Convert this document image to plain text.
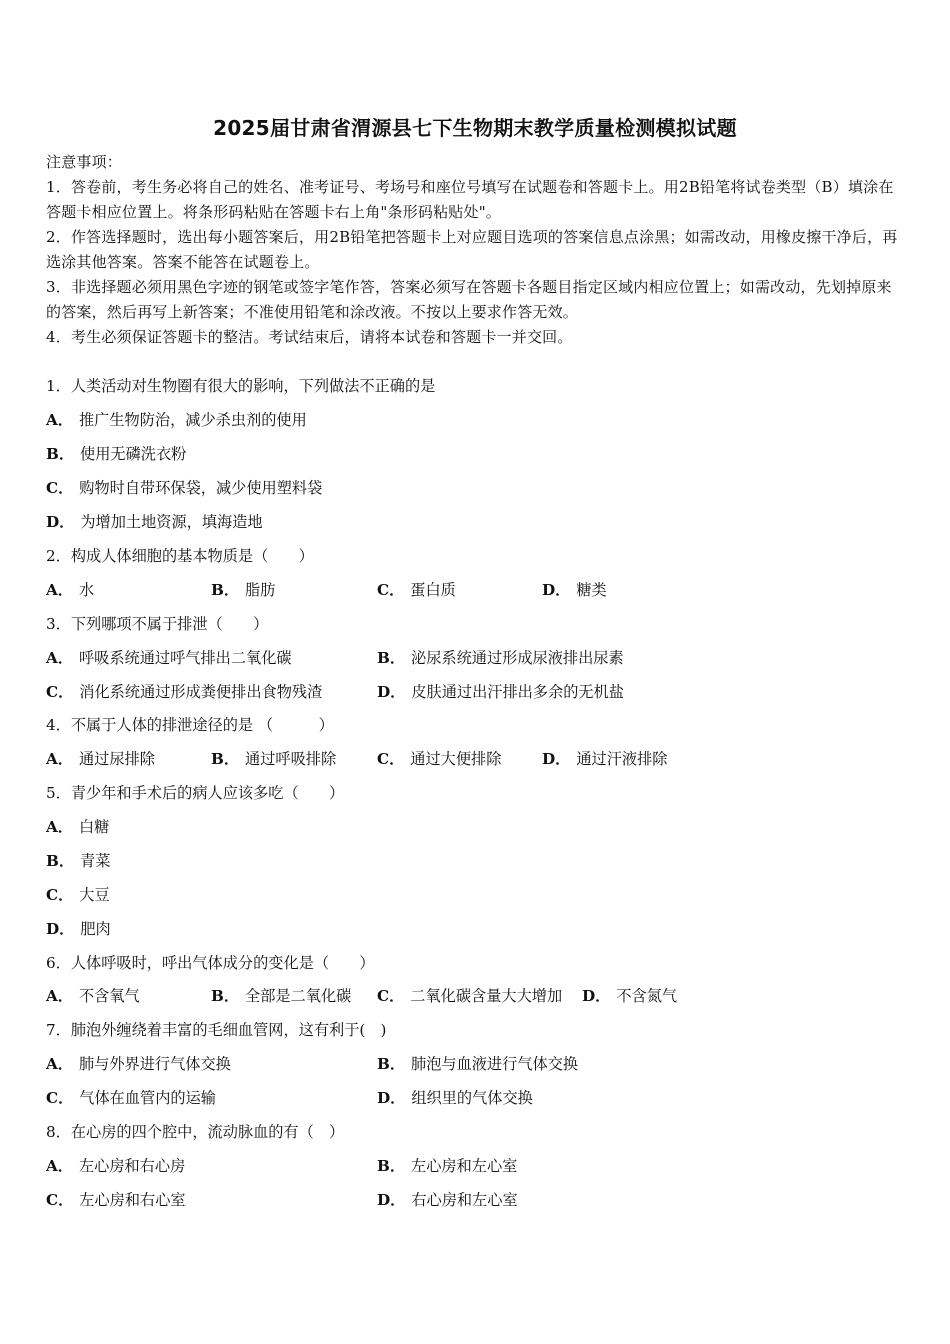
2025届甘肃省渭源县七下生物期末教学质量检测模拟试题
注意事项：
1．答卷前，考生务必将自己的姓名、准考证号、考场号和座位号填写在试题卷和答题卡上。用2B铅笔将试卷类型（B）填涂在答题卡相应位置上。将条形码粘贴在答题卡右上角"条形码粘贴处"。
2．作答选择题时，选出每小题答案后，用2B铅笔把答题卡上对应题目选项的答案信息点涂黑；如需改动，用橡皮擦干净后，再选涂其他答案。答案不能答在试题卷上。
3．非选择题必须用黑色字迹的钢笔或签字笔作答，答案必须写在答题卡各题目指定区域内相应位置上；如需改动，先划掉原来的答案，然后再写上新答案；不准使用铅笔和涂改液。不按以上要求作答无效。
4．考生必须保证答题卡的整洁。考试结束后，请将本试卷和答题卡一并交回。
1．人类活动对生物圈有很大的影响，下列做法不正确的是
A． 推广生物防治，减少杀虫剂的使用
B． 使用无磷洗衣粉
C． 购物时自带环保袋，减少使用塑料袋
D． 为增加土地资源，填海造地
2．构成人体细胞的基本物质是（　　）
A． 水	B． 脂肪	C． 蛋白质	D． 糖类
3．下列哪项不属于排泄（　　）
A． 呼吸系统通过呼气排出二氧化碳	B． 泌尿系统通过形成尿液排出尿素
C． 消化系统通过形成粪便排出食物残渣	D． 皮肤通过出汗排出多余的无机盐
4．不属于人体的排泄途径的是 （　　　）
A． 通过尿排除	B． 通过呼吸排除	C． 通过大便排除	D． 通过汗液排除
5．青少年和手术后的病人应该多吃（　　）
A． 白糖
B． 青菜
C． 大豆
D． 肥肉
6．人体呼吸时，呼出气体成分的变化是（　　）
A． 不含氧气	B． 全部是二氧化碳 C． 二氧化碳含量大大增加 D． 不含氮气
7．肺泡外缠绕着丰富的毛细血管网，这有利于(　)
A． 肺与外界进行气体交换	B． 肺泡与血液进行气体交换
C． 气体在血管内的运输	D． 组织里的气体交换
8．在心房的四个腔中，流动脉血的有（　）
A． 左心房和右心房	B． 左心房和左心室
C． 左心房和右心室	D． 右心房和左心室
